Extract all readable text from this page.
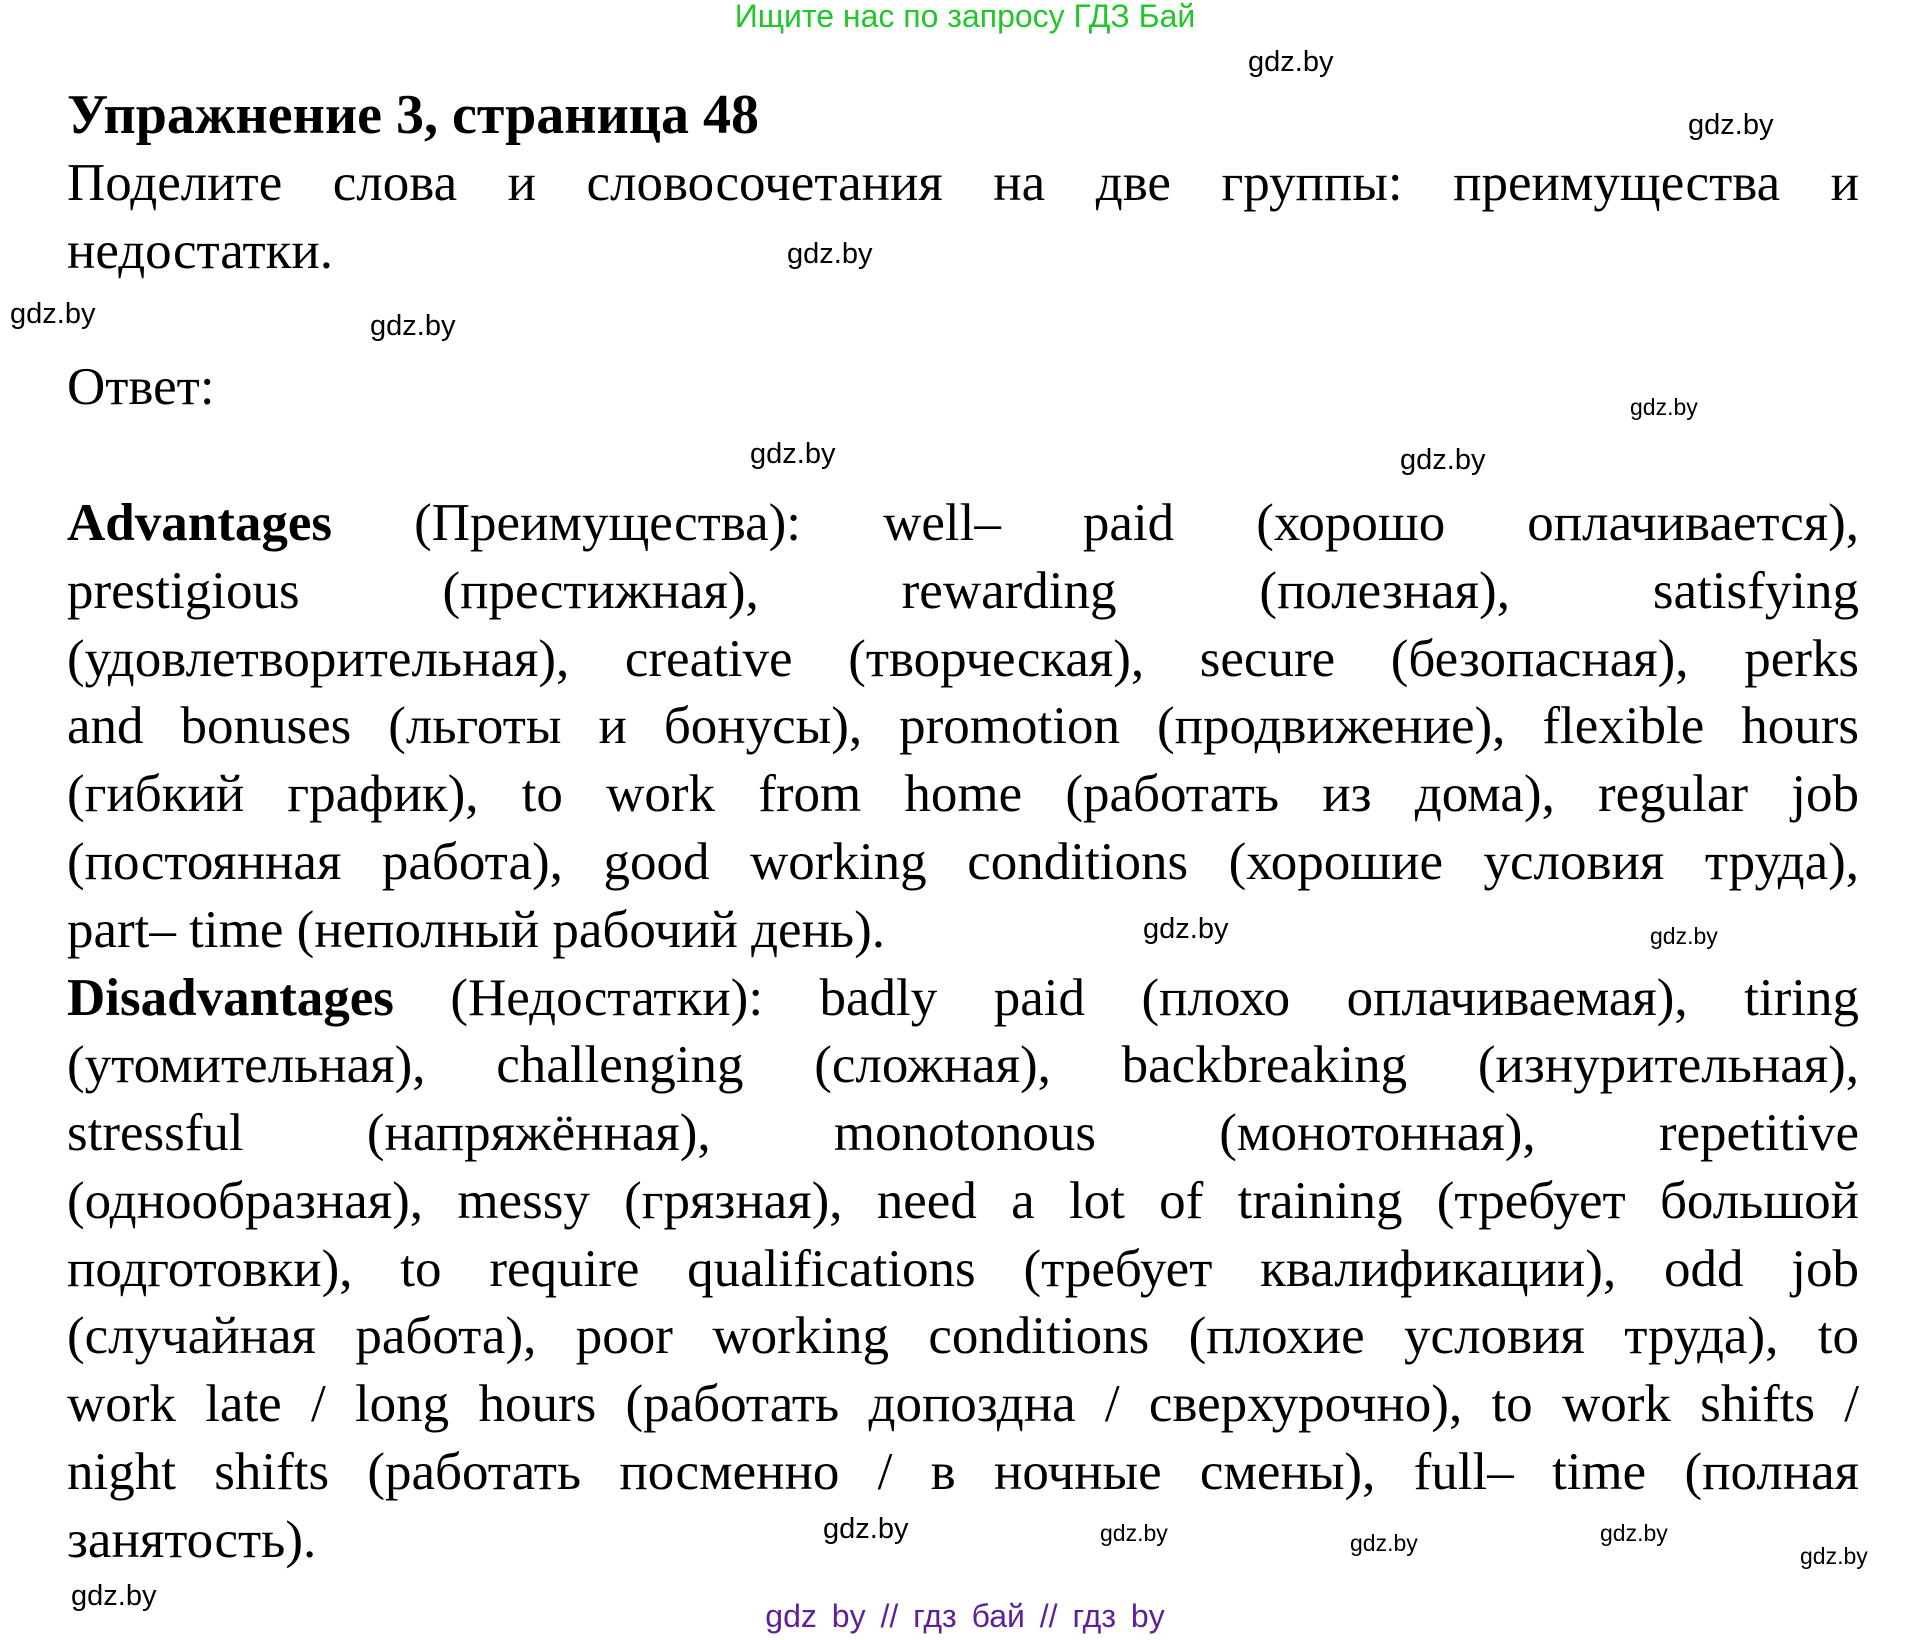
Ищите нас по запросу ГДЗ Бай
Упражнение 3, страница 48
Поделите слова и словосочетания на две группы: преимущества и
недостатки.
Ответ:
Advantages (Преимущества): well– paid (хорошо оплачивается),
prestigious (престижная), rewarding (полезная), satisfying
(удовлетворительная), creative (творческая), secure (безопасная), perks
and bonuses (льготы и бонусы), promotion (продвижение), flexible hours
(гибкий график), to work from home (работать из дома), regular job
(постоянная работа), good working conditions (хорошие условия труда),
part– time (неполный рабочий день).
Disadvantages (Недостатки): badly paid (плохо оплачиваемая), tiring
(утомительная), challenging (сложная), backbreaking (изнурительная),
stressful (напряжённая), monotonous (монотонная), repetitive
(однообразная), messy (грязная), need a lot of training (требует большой
подготовки), to require qualifications (требует квалификации), odd job
(случайная работа), poor working conditions (плохие условия труда), to
work late / long hours (работать допоздна / сверхурочно), to work shifts /
night shifts (работать посменно / в ночные смены), full– time (полная
занятость).
gdz.by
gdz.by
gdz.by
gdz.by	gdz.by
gdz.by
gdz.by	gdz.by
gdz.by
gdz.by
gdz.by	gdz.by	gdz.by
gdz.by
gdz.by
gdz.by
gdz by // гдз бай // гдз by
